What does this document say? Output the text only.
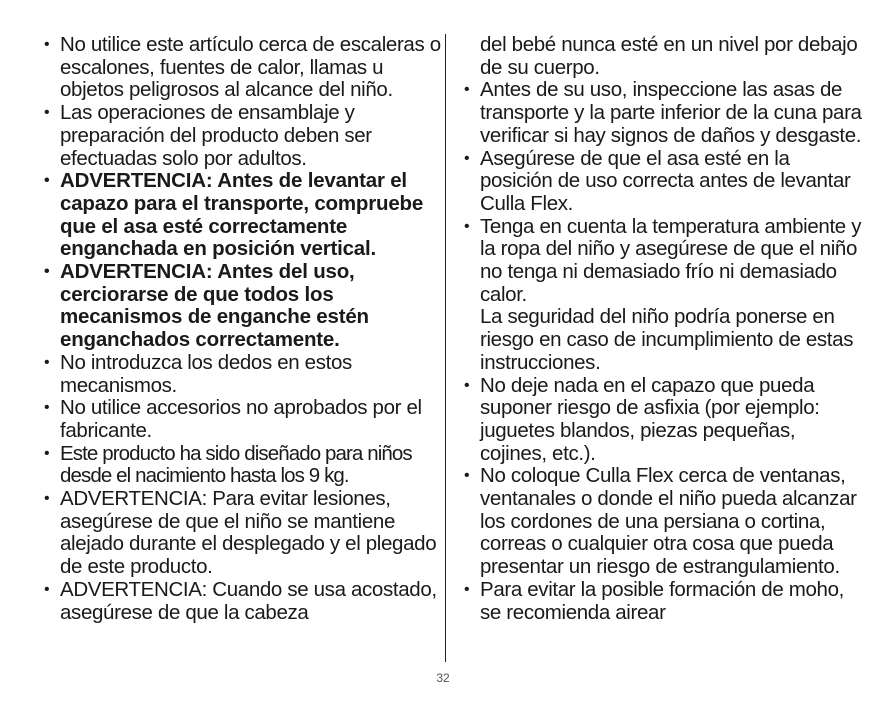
• No utilice este artículo cerca de escaleras o escalones, fuentes de calor, llamas u objetos peligrosos al alcance del niño.
• Las operaciones de ensamblaje y preparación del producto deben ser efectuadas solo por adultos.
• ADVERTENCIA: Antes de levantar el capazo para el transporte, compruebe que el asa esté correctamente enganchada en posición vertical.
• ADVERTENCIA: Antes del uso, cerciorarse de que todos los mecanismos de enganche estén enganchados correctamente.
• No introduzca los dedos en estos mecanismos.
• No utilice accesorios no aprobados por el fabricante.
• Este producto ha sido diseñado para niños desde el nacimiento hasta los 9 kg.
• ADVERTENCIA: Para evitar lesiones, asegúrese de que el niño se mantiene alejado durante el desplegado y el plegado de este producto.
• ADVERTENCIA: Cuando se usa acostado, asegúrese de que la cabeza

del bebé nunca esté en un nivel por debajo de su cuerpo.

• Antes de su uso, inspeccione las asas de transporte y la parte inferior de la cuna para verificar si hay signos de daños y desgaste.
• Asegúrese de que el asa esté en la posición de uso correcta antes de levantar Culla Flex.
• Tenga en cuenta la temperatura ambiente y la ropa del niño y asegúrese de que el niño no tenga ni demasiado frío ni demasiado calor.
La seguridad del niño podría ponerse en riesgo en caso de incumplimiento de estas instrucciones.
• No deje nada en el capazo que pueda suponer riesgo de asfixia (por ejemplo: juguetes blandos, piezas pequeñas, cojines, etc.).
• No coloque Culla Flex cerca de ventanas, ventanales o donde el niño pueda alcanzar los cordones de una persiana o cortina, correas o cualquier otra cosa que pueda presentar un riesgo de estrangulamiento.
• Para evitar la posible formación de moho, se recomienda airear
32
